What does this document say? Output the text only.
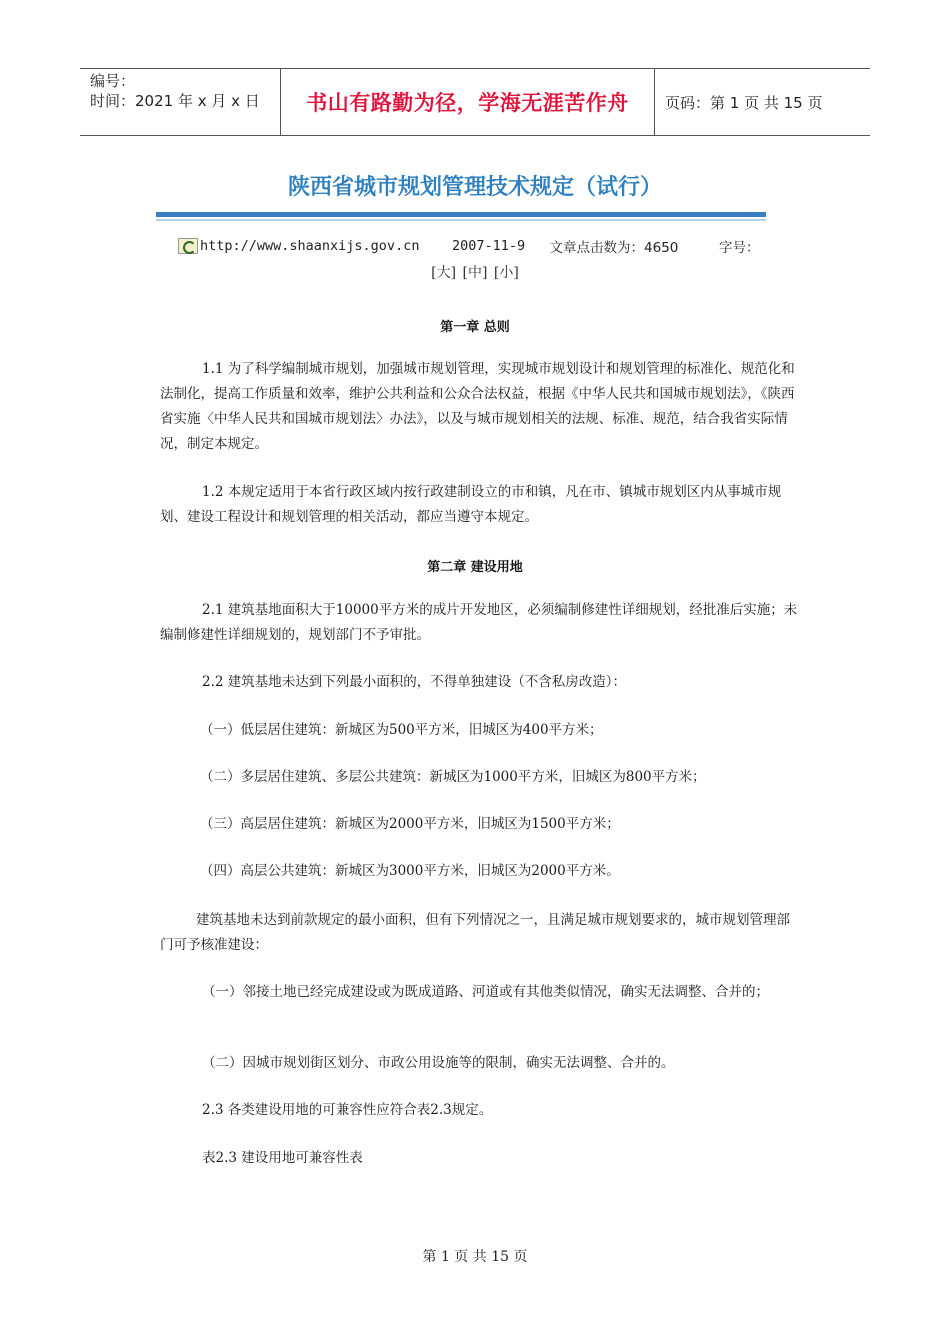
编号：
时间：2021 年 x 月 x 日	书山有路勤为径，学海无涯苦作舟	页码：第 1 页 共 15 页
陕西省城市规划管理技术规定（试行）
http://www.shaanxijs.gov.cn
2007-11-9
文章点击数为：4650
	字号：
[大] [中] [小]
第一章 总则
1.1 为了科学编制城市规划，加强城市规划管理，实现城市规划设计和规划管理的标准化、规范化和法制化，提高工作质量和效率，维护公共利益和公众合法权益，根据《中华人民共和国城市规划法》，《陕西省实施〈中华人民共和国城市规划法〉办法》，以及与城市规划相关的法规、标准、规范，结合我省实际情况，制定本规定。
1.2 本规定适用于本省行政区域内按行政建制设立的市和镇，凡在市、镇城市规划区内从事城市规划、建设工程设计和规划管理的相关活动，都应当遵守本规定。
第二章 建设用地
2.1 建筑基地面积大于10000平方米的成片开发地区，必须编制修建性详细规划，经批准后实施；未编制修建性详细规划的，规划部门不予审批。
2.2 建筑基地未达到下列最小面积的，不得单独建设（不含私房改造）：
（一）低层居住建筑：新城区为500平方米，旧城区为400平方米；
（二）多层居住建筑、多层公共建筑：新城区为1000平方米，旧城区为800平方米；
（三）高层居住建筑：新城区为2000平方米，旧城区为1500平方米；
（四）高层公共建筑：新城区为3000平方米，旧城区为2000平方米。
建筑基地未达到前款规定的最小面积，但有下列情况之一，且满足城市规划要求的，城市规划管理部门可予核准建设：
（一）邻接土地已经完成建设或为既成道路、河道或有其他类似情况，确实无法调整、合并的；
（二）因城市规划街区划分、市政公用设施等的限制，确实无法调整、合并的。
2.3 各类建设用地的可兼容性应符合表2.3规定。
表2.3 建设用地可兼容性表
第 1 页 共 15 页
